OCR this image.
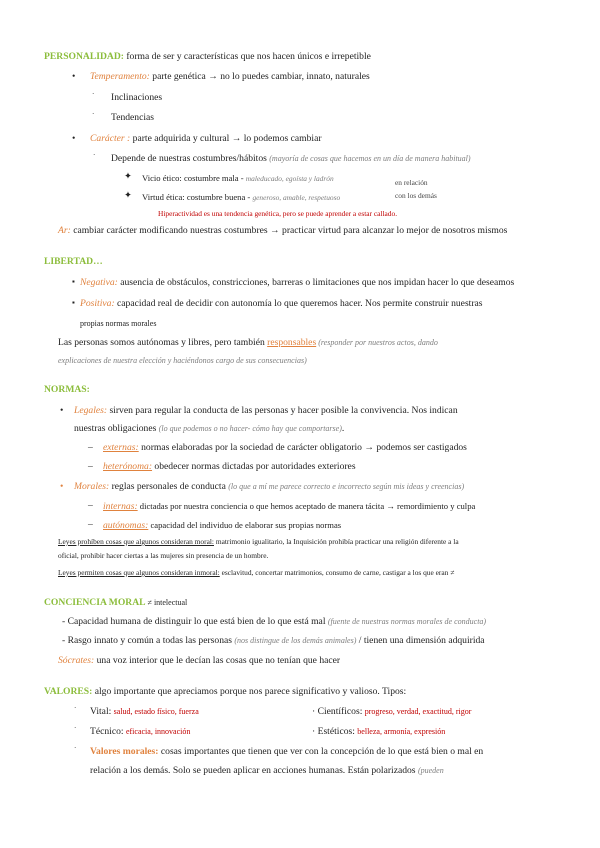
PERSONALIDAD: forma de ser y características que nos hacen únicos e irrepetible
• Temperamento: parte genética → no lo puedes cambiar, innato, naturales
· Inclinaciones
· Tendencias
• Carácter : parte adquirida y cultural → lo podemos cambiar
· Depende de nuestras costumbres/hábitos (mayoría de cosas que hacemos en un día de manera habitual)
✦ Vicio ético: costumbre mala - maleducado, egoísta y ladrón
✦ Virtud ética: costumbre buena - generoso, amable, respetuoso
en relación
con los demás
Hiperactividad es una tendencia genética, pero se puede aprender a estar callado.
Ar: cambiar carácter modificando nuestras costumbres → practicar virtud para alcanzar lo mejor de nosotros mismos
LIBERTAD…
▪ Negativa: ausencia de obstáculos, constricciones, barreras o limitaciones que nos impidan hacer lo que deseamos
▪ Positiva: capacidad real de decidir con autonomía lo que queremos hacer. Nos permite construir nuestras
propias normas morales
Las personas somos autónomas y libres, pero también responsables (responder por nuestros actos, dando
explicaciones de nuestra elección y haciéndonos cargo de sus consecuencias)
NORMAS:
• Legales: sirven para regular la conducta de las personas y hacer posible la convivencia. Nos indican
nuestras obligaciones (lo que podemos o no hacer- cómo hay que comportarse).
– externas: normas elaboradas por la sociedad de carácter obligatorio → podemos ser castigados
– heterónoma: obedecer normas dictadas por autoridades exteriores
• Morales: reglas personales de conducta (lo que a mí me parece correcto e incorrecto según mis ideas y creencias)
– internas: dictadas por nuestra conciencia o que hemos aceptado de manera tácita → remordimiento y culpa
– autónomas: capacidad del individuo de elaborar sus propias normas
Leyes prohíben cosas que algunos consideran moral: matrimonio igualitario, la Inquisición prohibía practicar una religión diferente a la
oficial, prohibir hacer ciertas a las mujeres sin presencia de un hombre.
Leyes permiten cosas que algunos consideran inmoral: esclavitud, concertar matrimonios, consumo de carne, castigar a los que eran ≠
CONCIENCIA MORAL ≠ intelectual
- Capacidad humana de distinguir lo que está bien de lo que está mal (fuente de nuestras normas morales de conducta)
- Rasgo innato y común a todas las personas (nos distingue de los demás animales) / tienen una dimensión adquirida
Sócrates: una voz interior que le decían las cosas que no tenían que hacer
VALORES: algo importante que apreciamos porque nos parece significativo y valioso. Tipos:
· Vital: salud, estado físico, fuerza	· Científicos: progreso, verdad, exactitud, rigor
· Técnico: eficacia, innovación	· Estéticos: belleza, armonía, expresión
· Valores morales: cosas importantes que tienen que ver con la concepción de lo que está bien o mal en
relación a los demás. Solo se pueden aplicar en acciones humanas. Están polarizados (pueden
